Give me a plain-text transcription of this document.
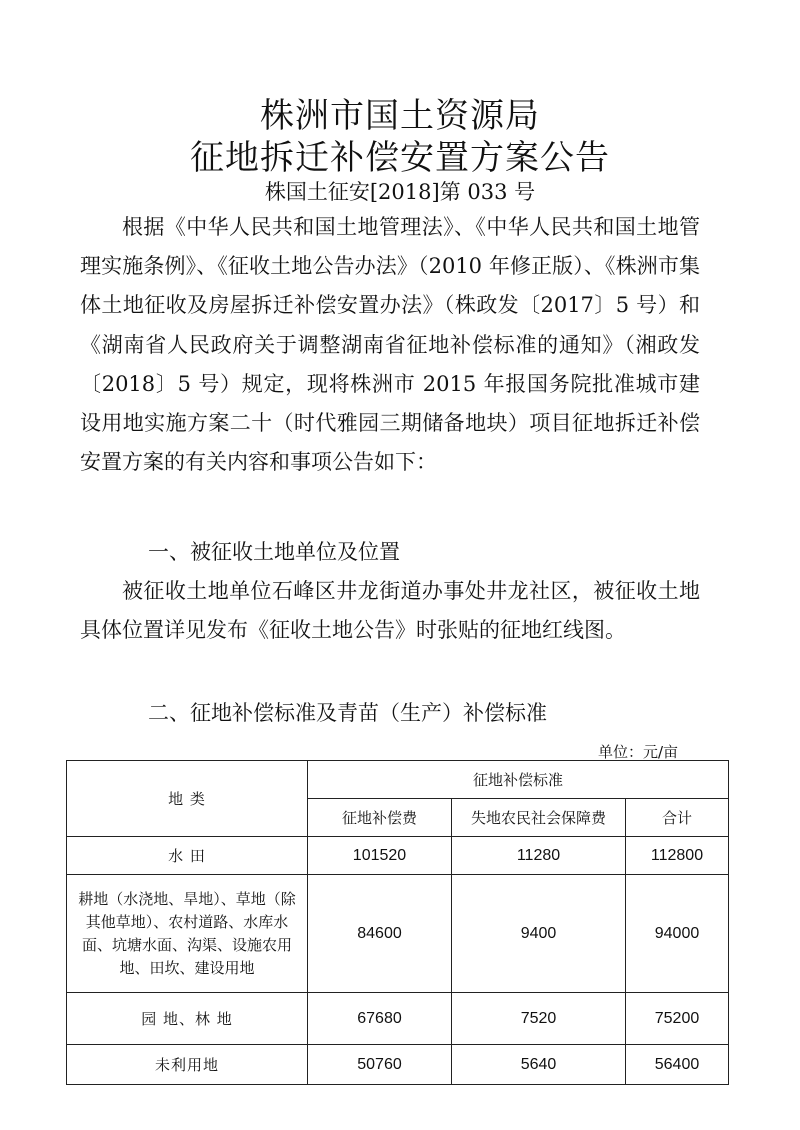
株洲市国土资源局
征地拆迁补偿安置方案公告
株国土征安[2018]第 033 号

根据《中华人民共和国土地管理法》、《中华人民共和国土地管理实施条例》、《征收土地公告办法》（2010 年修正版）、《株洲市集体土地征收及房屋拆迁补偿安置办法》（株政发〔2017〕5 号）和《湖南省人民政府关于调整湖南省征地补偿标准的通知》（湘政发〔2018〕5 号）规定，现将株洲市 2015 年报国务院批准城市建设用地实施方案二十（时代雅园三期储备地块）项目征地拆迁补偿安置方案的有关内容和事项公告如下：

一、被征收土地单位及位置

被征收土地单位石峰区井龙街道办事处井龙社区，被征收土地具体位置详见发布《征收土地公告》时张贴的征地红线图。

二、征地补偿标准及青苗（生产）补偿标准

单位：元/亩
地 类	征地补偿标准		
	征地补偿费	失地农民社会保障费	合计
水 田	101520	11280	112800
耕地（水浇地、旱地）、草地（除其他草地）、农村道路、水库水面、坑塘水面、沟渠、设施农用地、田坎、建设用地	84600	9400	94000
园 地、林 地	67680	7520	75200
未利用地	50760	5640	56400
